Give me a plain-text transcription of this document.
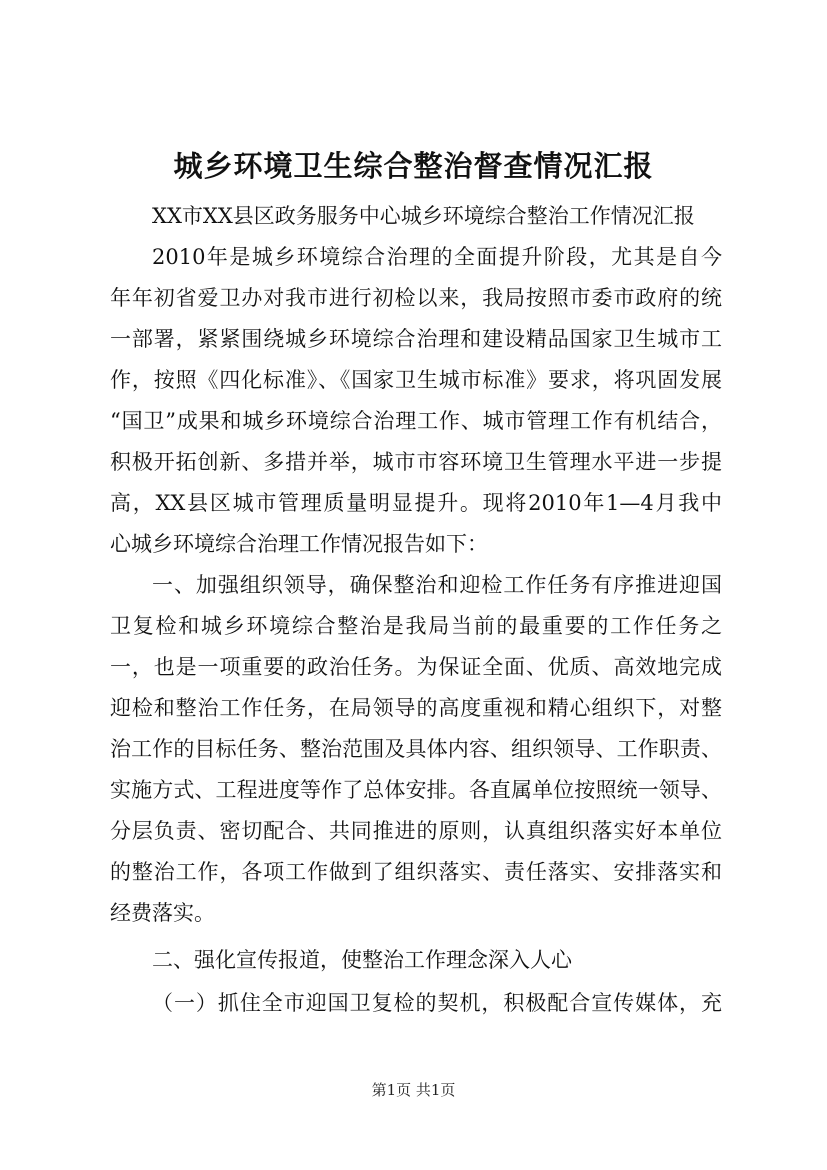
城乡环境卫生综合整治督查情况汇报
XX市XX县区政务服务中心城乡环境综合整治工作情况汇报
2010年是城乡环境综合治理的全面提升阶段，尤其是自今
年年初省爱卫办对我市进行初检以来，我局按照市委市政府的统
一部署，紧紧围绕城乡环境综合治理和建设精品国家卫生城市工
作，按照《四化标准》、《国家卫生城市标准》要求，将巩固发展
“国卫”成果和城乡环境综合治理工作、城市管理工作有机结合，
积极开拓创新、多措并举，城市市容环境卫生管理水平进一步提
高，XX县区城市管理质量明显提升。现将2010年1—4月我中
心城乡环境综合治理工作情况报告如下：
一、加强组织领导，确保整治和迎检工作任务有序推进迎国
卫复检和城乡环境综合整治是我局当前的最重要的工作任务之
一，也是一项重要的政治任务。为保证全面、优质、高效地完成
迎检和整治工作任务，在局领导的高度重视和精心组织下，对整
治工作的目标任务、整治范围及具体内容、组织领导、工作职责、
实施方式、工程进度等作了总体安排。各直属单位按照统一领导、
分层负责、密切配合、共同推进的原则，认真组织落实好本单位
的整治工作，各项工作做到了组织落实、责任落实、安排落实和
经费落实。
二、强化宣传报道，使整治工作理念深入人心
（一）抓住全市迎国卫复检的契机，积极配合宣传媒体，充
第1页 共1页
